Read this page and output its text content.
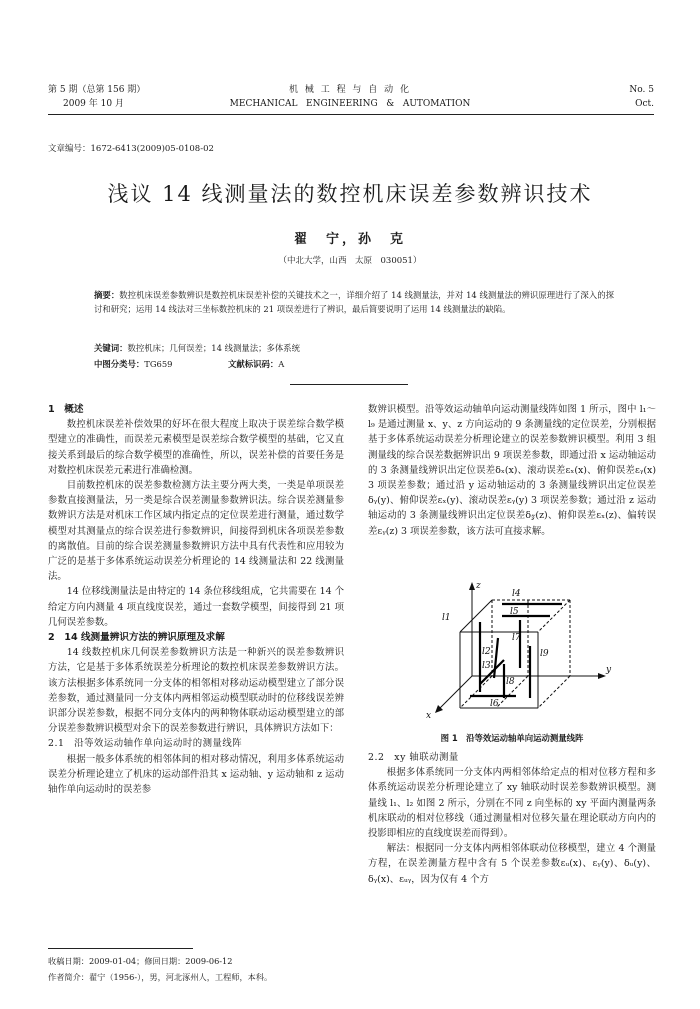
第 5 期（总第 156 期）
2009 年 10 月
机 械 工 程 与 自 动 化
MECHANICAL   ENGINEERING   &   AUTOMATION
No. 5
Oct.
文章编号：1672-6413(2009)05-0108-02
浅议 14 线测量法的数控机床误差参数辨识技术
翟　宁，孙　克
（中北大学，山西　太原　030051）
摘要：数控机床误差参数辨识是数控机床误差补偿的关键技术之一，详细介绍了 14 线测量法，并对 14 线测量法的辨识原理进行了深入的探讨和研究；运用 14 线法对三坐标数控机床的 21 项误差进行了辨识，最后简要说明了运用 14 线测量法的缺陷。
关键词：数控机床；几何误差；14 线测量法；多体系统
中图分类号：TG659	文献标识码：A

1　概述

数控机床误差补偿效果的好坏在很大程度上取决于误差综合数学模型建立的准确性，而误差元素模型是误差综合数学模型的基础，它又直接关系到最后的综合数学模型的准确性，所以，误差补偿的首要任务是对数控机床误差元素进行准确检测。

目前数控机床的误差参数检测方法主要分两大类，一类是单项误差参数直接测量法，另一类是综合误差测量参数辨识法。综合误差测量参数辨识方法是对机床工作区域内指定点的定位误差进行测量，通过数学模型对其测量点的综合误差进行参数辨识，间接得到机床各项误差参数的离散值。目前的综合误差测量参数辨识方法中具有代表性和应用较为广泛的是基于多体系统运动误差分析理论的 14 线测量法和 22 线测量法。

14 位移线测量法是由特定的 14 条位移线组成，它共需要在 14 个给定方向内测量 4 项直线度误差，通过一套数学模型，间接得到 21 项几何误差参数。

2　14 线测量辨识方法的辨识原理及求解

14 线数控机床几何误差参数辨识方法是一种新兴的误差参数辨识方法，它是基于多体系统误差分析理论的数控机床误差参数辨识方法。该方法根据多体系统同一分支体的相邻相对移动运动模型建立了部分误差参数，通过测量同一分支体内两相邻运动模型联动时的位移线误差辨识部分误差参数，根据不同分支体内的两种物体联动运动模型建立的部分误差参数辨识模型对余下的误差参数进行辨识，具体辨识方法如下：

2.1　沿等效运动轴作单向运动时的测量线阵

根据一般多体系统的相邻体间的相对移动情况，利用多体系统运动误差分析理论建立了机床的运动部件沿其 x 运动轴、y 运动轴和 z 运动轴作单向运动时的误差参

数辨识模型。沿等效运动轴单向运动测量线阵如图 1 所示，图中 l₁～l₉ 是通过测量 x、y、z 方向运动的 9 条测量线的定位误差，分别根据基于多体系统运动误差分析理论建立的误差参数辨识模型。利用 3 组测量线的综合误差数据辨识出 9 项误差参数，即通过沿 x 运动轴运动的 3 条测量线辨识出定位误差δₓ(x)、滚动误差εₓ(x)、俯仰误差εᵧ(x) 3 项误差参数；通过沿 y 运动轴运动的 3 条测量线辨识出定位误差δᵧ(y)、俯仰误差εₓ(y)、滚动误差εᵧ(y) 3 项误差参数；通过沿 z 运动轴运动的 3 条测量线辨识出定位误差δ𝓏(z)、俯仰误差εₓ(z)、偏转误差εᵧ(z) 3 项误差参数，该方法可直接求解。

z
y
x
l4
l1
l5
l7
l2
l3
l9
l8
l6
图 1　沿等效运动轴单向运动测量线阵

2.2　xy 轴联动测量

根据多体系统同一分支体内两相邻体给定点的相对位移方程和多体系统运动误差分析理论建立了 xy 轴联动时误差参数辨识模型。测量线 l₁、l₂ 如图 2 所示，分别在不同 z 向坐标的 xy 平面内测量两条机床联动的相对位移线（通过测量相对位移矢量在理论联动方向内的投影即相应的直线度误差而得到）。

解法：根据同一分支体内两相邻体联动位移模型，建立 4 个测量方程，在误差测量方程中含有 5 个误差参数εᵤ(x)、εᵧ(y)、δᵤ(y)、δᵧ(x)、εᵤᵧ，因为仅有 4 个方

收稿日期：2009-01-04；修回日期：2009-06-12
作者简介：翟宁（1956-），男，河北涿州人，工程师，本科。
